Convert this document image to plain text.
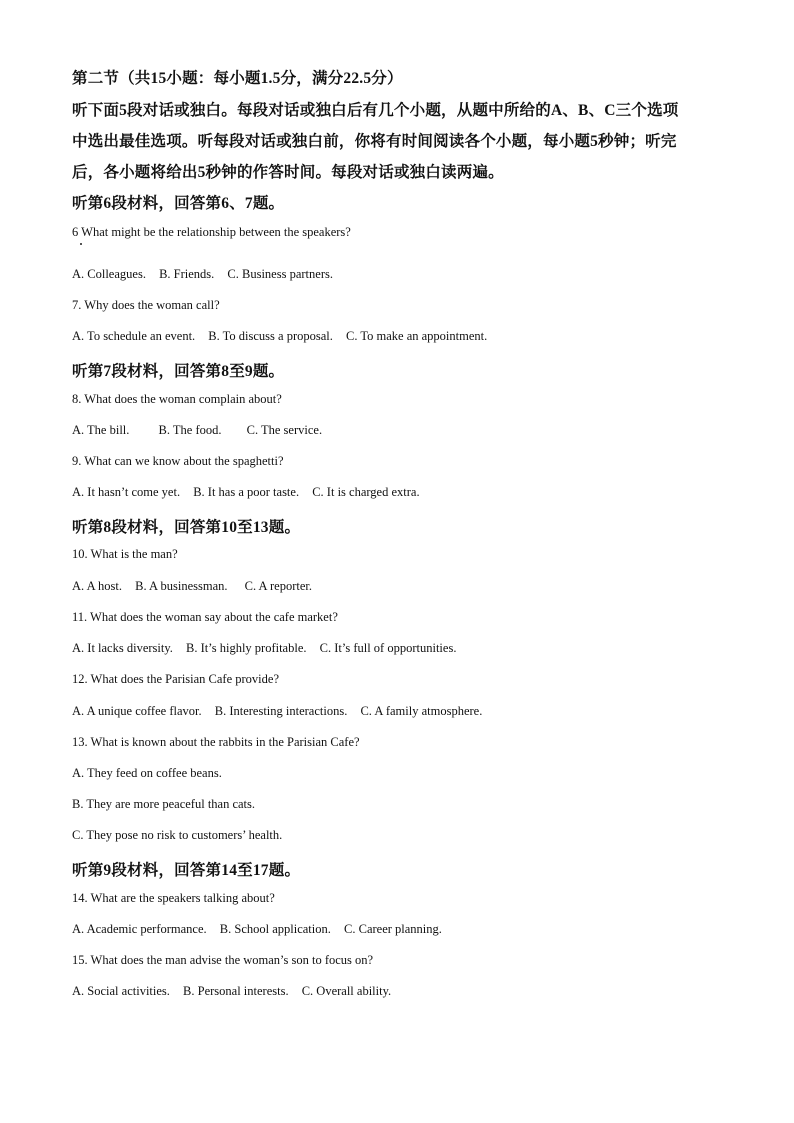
第二节（共15小题：每小题1.5分，满分22.5分）
听下面5段对话或独白。每段对话或独白后有几个小题，从题中所给的A、B、C三个选项
中选出最佳选项。听每段对话或独白前，你将有时间阅读各个小题，每小题5秒钟；听完
后，各小题将给出5秒钟的作答时间。每段对话或独白读两遍。
听第6段材料，回答第6、7题。
6 What might be the relationship between the speakers?
A. Colleagues. B. Friends. C. Business partners.
7. Why does the woman call?
A. To schedule an event. B. To discuss a proposal. C. To make an appointment.
听第7段材料，回答第8至9题。
8. What does the woman complain about?
A. The bill. B. The food. C. The service.
9. What can we know about the spaghetti?
A. It hasn’t come yet. B. It has a poor taste. C. It is charged extra.
听第8段材料，回答第10至13题。
10. What is the man?
A. A host. B. A businessman. C. A reporter.
11. What does the woman say about the cafe market?
A. It lacks diversity. B. It’s highly profitable. C. It’s full of opportunities.
12. What does the Parisian Cafe provide?
A. A unique coffee flavor. B. Interesting interactions. C. A family atmosphere.
13. What is known about the rabbits in the Parisian Cafe?
A. They feed on coffee beans.
B. They are more peaceful than cats.
C. They pose no risk to customers’ health.
听第9段材料，回答第14至17题。
14. What are the speakers talking about?
A. Academic performance. B. School application. C. Career planning.
15. What does the man advise the woman’s son to focus on?
A. Social activities. B. Personal interests. C. Overall ability.
